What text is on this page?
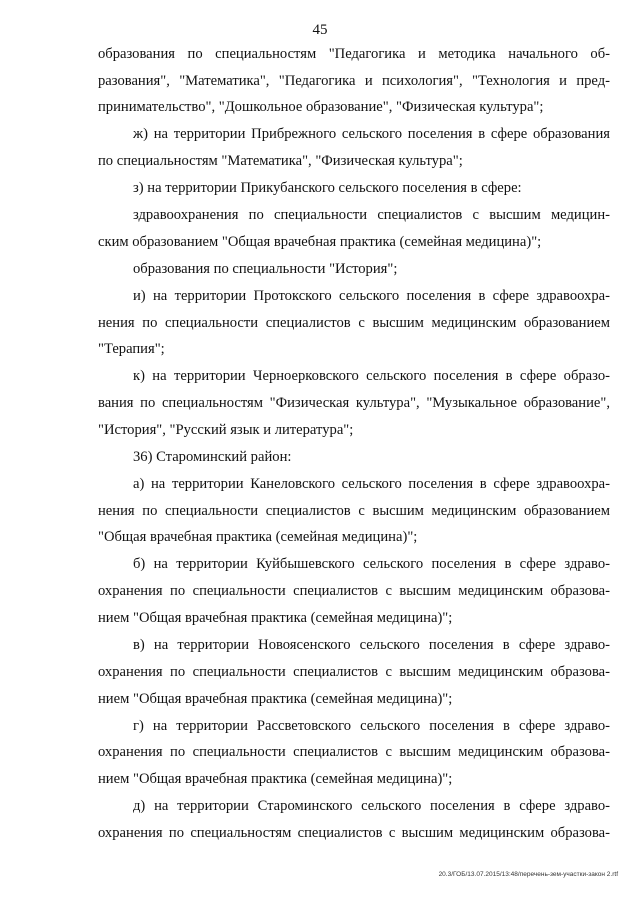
45
образования по специальностям "Педагогика и методика начального об-
разования", "Математика", "Педагогика и психология", "Технология и пред-
принимательство", "Дошкольное образование", "Физическая культура";
ж) на территории Прибрежного сельского поселения в сфере образования
по специальностям "Математика", "Физическая культура";
з) на территории Прикубанского сельского поселения в сфере:
здравоохранения по специальности специалистов с высшим медицин-
ским образованием "Общая врачебная практика (семейная медицина)";
образования по специальности "История";
и) на территории Протокского сельского поселения в сфере здравоохра-
нения по специальности специалистов с высшим медицинским образованием
"Терапия";
к) на территории Черноерковского сельского поселения в сфере образо-
вания по специальностям "Физическая культура", "Музыкальное образование",
"История", "Русский язык и литература";
36) Староминский район:
а) на территории Канеловского сельского поселения в сфере здравоохра-
нения по специальности специалистов с высшим медицинским образованием
"Общая врачебная практика (семейная медицина)";
б) на территории Куйбышевского сельского поселения в сфере здраво-
охранения по специальности специалистов с высшим медицинским образова-
нием "Общая врачебная практика (семейная медицина)";
в) на территории Новоясенского сельского поселения в сфере здраво-
охранения по специальности специалистов с высшим медицинским образова-
нием "Общая врачебная практика (семейная медицина)";
г) на территории Рассветовского сельского поселения в сфере здраво-
охранения по специальности специалистов с высшим медицинским образова-
нием "Общая врачебная практика (семейная медицина)";
д) на территории Староминского сельского поселения в сфере здраво-
охранения по специальностям специалистов с высшим медицинским образова-
20.3/ГОБ/13.07.2015/13:48/перечень-зем-участки-закон 2.rtf
